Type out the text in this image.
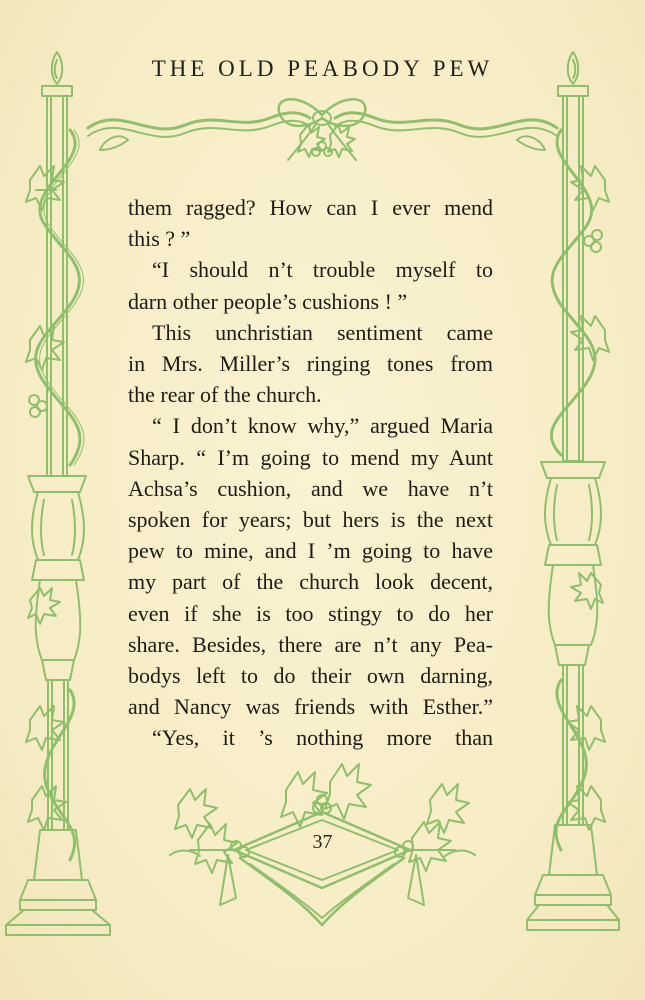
THE OLD PEABODY PEW
them ragged? How can I ever mend
this ? ”
“I should n’t trouble myself to
darn other people’s cushions ! ”
This unchristian sentiment came
in Mrs. Miller’s ringing tones from
the rear of the church.
“ I don’t know why,” argued Maria
Sharp. “ I’m going to mend my Aunt
Achsa’s cushion, and we have n’t
spoken for years; but hers is the next
pew to mine, and I ’m going to have
my part of the church look decent,
even if she is too stingy to do her
share. Besides, there are n’t any Pea-
bodys left to do their own darning,
and Nancy was friends with Esther.”
“Yes, it ’s nothing more than
37
